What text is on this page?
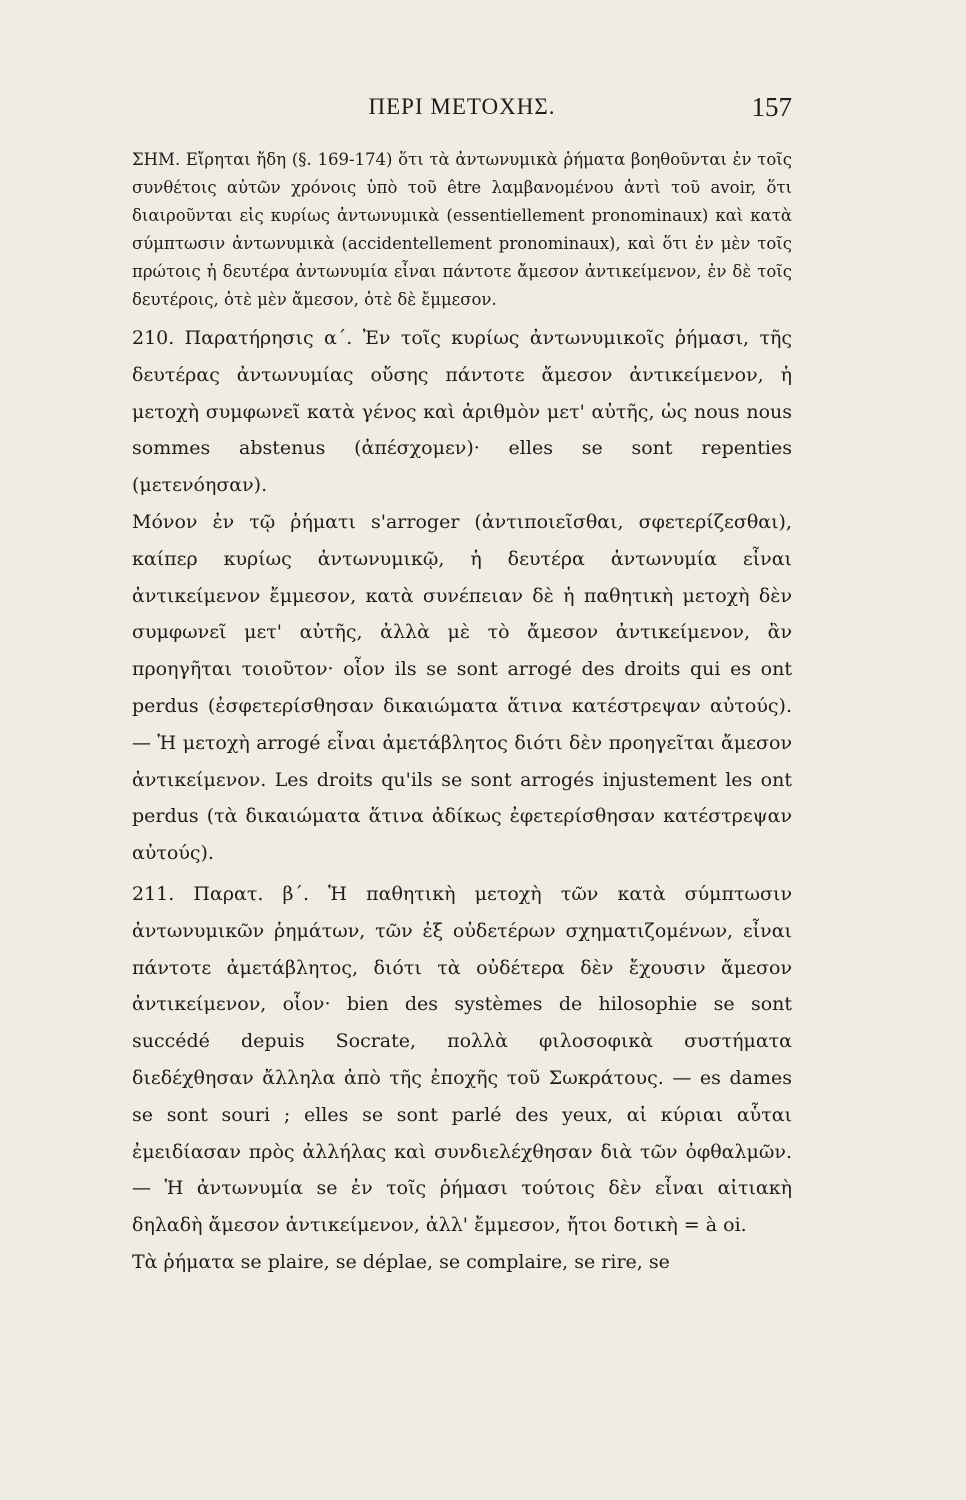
ΠΕΡΙ ΜΕΤΟΧΗΣ.	157

ΣΗΜ. Εἴρηται ἤδη (§. 169-174) ὅτι τὰ ἀντωνυμικὰ ῥήματα βοηθοῦνται ἐν τοῖς συνθέτοις αὐτῶν χρόνοις ὑπὸ τοῦ être λαμβανομένου ἀντὶ τοῦ avoir, ὅτι διαιροῦνται εἰς κυρίως ἀντωνυμικὰ (essentiellement pronominaux) καὶ κατὰ σύμπτωσιν ἀντωνυμικὰ (accidentellement pronominaux), καὶ ὅτι ἐν μὲν τοῖς πρώτοις ἡ δευτέρα ἀντωνυμία εἶναι πάντοτε ἄμεσον ἀντικείμενον, ἐν δὲ τοῖς δευτέροις, ὁτὲ μὲν ἄμεσον, ὁτὲ δὲ ἔμμεσον.

210. Παρατήρησις α΄. Ἐν τοῖς κυρίως ἀντωνυμικοῖς ῥήμασι, τῆς δευτέρας ἀντωνυμίας οὔσης πάντοτε ἄμεσον ἀντικείμενον, ἡ μετοχὴ συμφωνεῖ κατὰ γένος καὶ ἀριθμὸν μετ' αὐτῆς, ὡς nous nous sommes abstenus (ἀπέσχομεν)· elles se sont repenties (μετενόησαν).

Μόνον ἐν τῷ ῥήματι s'arroger (ἀντιποιεῖσθαι, σφετερίζεσθαι), καίπερ κυρίως ἀντωνυμικῷ, ἡ δευτέρα ἀντωνυμία εἶναι ἀντικείμενον ἔμμεσον, κατὰ συνέπειαν δὲ ἡ παθητικὴ μετοχὴ δὲν συμφωνεῖ μετ' αὐτῆς, ἀλλὰ μὲ τὸ ἄμεσον ἀντικείμενον, ἂν προηγῆται τοιοῦτον· οἷον ils se sont arrogé des droits qui es ont perdus (ἐσφετερίσθησαν δικαιώματα ἅτινα κατέστρεψαν αὐτούς). — Ἡ μετοχὴ arrogé εἶναι ἀμετάβλητος διότι δὲν προηγεῖται ἄμεσον ἀντικείμενον. Les droits qu'ils se sont arrogés injustement les ont perdus (τὰ δικαιώματα ἅτινα ἀδίκως ἐφετερίσθησαν κατέστρεψαν αὐτούς).

211. Παρατ. β΄. Ἡ παθητικὴ μετοχὴ τῶν κατὰ σύμπτωσιν ἀντωνυμικῶν ῥημάτων, τῶν ἐξ οὐδετέρων σχηματιζομένων, εἶναι πάντοτε ἀμετάβλητος, διότι τὰ οὐδέτερα δὲν ἔχουσιν ἄμεσον ἀντικείμενον, οἷον· bien des systèmes de hilosophie se sont succédé depuis Socrate, πολλὰ φιλοσοφικὰ συστήματα διεδέχθησαν ἄλληλα ἀπὸ τῆς ἐποχῆς τοῦ Σωκράτους. — es dames se sont souri ; elles se sont parlé des yeux, αἱ κύριαι αὗται ἐμειδίασαν πρὸς ἀλλήλας καὶ συνδιελέχθησαν διὰ τῶν ὀφθαλμῶν.— Ἡ ἀντωνυμία se ἐν τοῖς ῥήμασι τούτοις δὲν εἶναι αἰτιακὴ δηλαδὴ ἄμεσον ἀντικείμενον, ἀλλ' ἔμμεσον, ἤτοι δοτικὴ = à oi.

Τὰ ῥήματα se plaire, se déplae, se complaire, se rire, se
